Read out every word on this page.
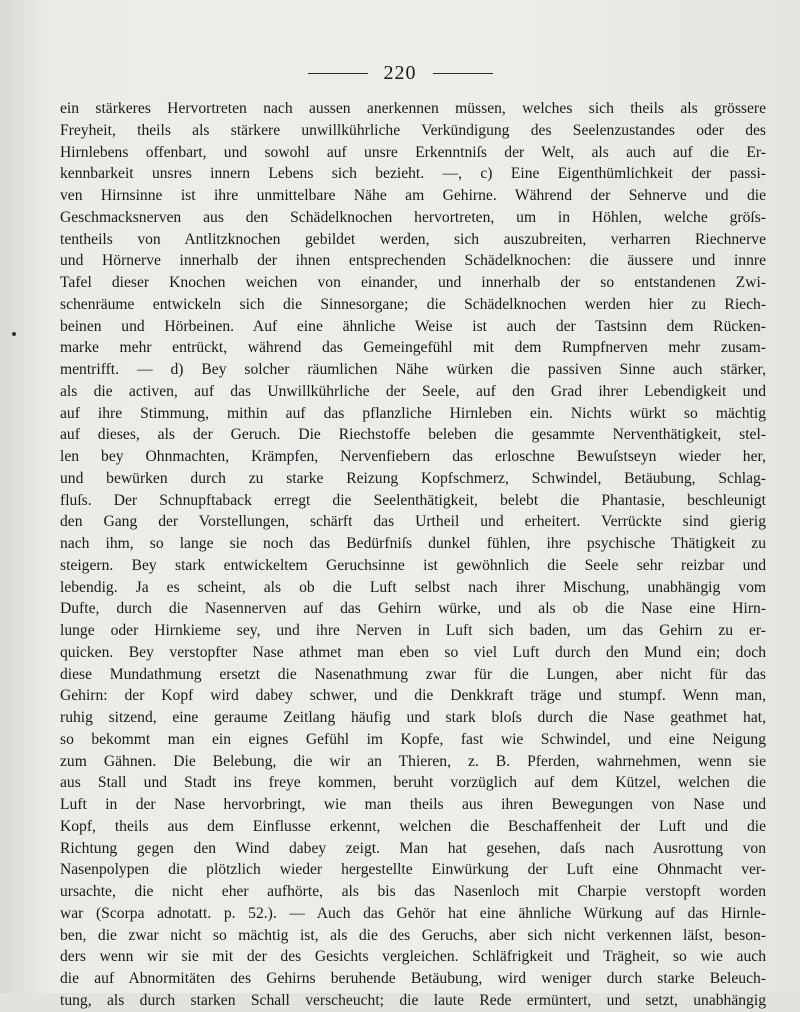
220
ein stärkeres Hervortreten nach aussen anerkennen müssen, welches sich theils als grössere
Freyheit, theils als stärkere unwillkührliche Verkündigung des Seelenzustandes oder des
Hirnlebens offenbart, und sowohl auf unsre Erkenntniſs der Welt, als auch auf die Er-
kennbarkeit unsres innern Lebens sich bezieht. —, c) Eine Eigenthümlichkeit der passi-
ven Hirnsinne ist ihre unmittelbare Nähe am Gehirne. Während der Sehnerve und die
Geschmacksnerven aus den Schädelknochen hervortreten, um in Höhlen, welche gröſs-
tentheils von Antlitzknochen gebildet werden, sich auszubreiten, verharren Riechnerve
und Hörnerve innerhalb der ihnen entsprechenden Schädelknochen: die äussere und innre
Tafel dieser Knochen weichen von einander, und innerhalb der so entstandenen Zwi-
schenräume entwickeln sich die Sinnesorgane; die Schädelknochen werden hier zu Riech-
beinen und Hörbeinen. Auf eine ähnliche Weise ist auch der Tastsinn dem Rücken-
marke mehr entrückt, während das Gemeingefühl mit dem Rumpfnerven mehr zusam-
mentrifft. — d) Bey solcher räumlichen Nähe würken die passiven Sinne auch stärker,
als die activen, auf das Unwillkührliche der Seele, auf den Grad ihrer Lebendigkeit und
auf ihre Stimmung, mithin auf das pflanzliche Hirnleben ein. Nichts würkt so mächtig
auf dieses, als der Geruch. Die Riechstoffe beleben die gesammte Nerventhätigkeit, stel-
len bey Ohnmachten, Krämpfen, Nervenfiebern das erloschne Bewuſstseyn wieder her,
und bewürken durch zu starke Reizung Kopfschmerz, Schwindel, Betäubung, Schlag-
fluſs. Der Schnupftaback erregt die Seelenthätigkeit, belebt die Phantasie, beschleunigt
den Gang der Vorstellungen, schärft das Urtheil und erheitert. Verrückte sind gierig
nach ihm, so lange sie noch das Bedürfniſs dunkel fühlen, ihre psychische Thätigkeit zu
steigern. Bey stark entwickeltem Geruchsinne ist gewöhnlich die Seele sehr reizbar und
lebendig. Ja es scheint, als ob die Luft selbst nach ihrer Mischung, unabhängig vom
Dufte, durch die Nasennerven auf das Gehirn würke, und als ob die Nase eine Hirn-
lunge oder Hirnkieme sey, und ihre Nerven in Luft sich baden, um das Gehirn zu er-
quicken. Bey verstopfter Nase athmet man eben so viel Luft durch den Mund ein; doch
diese Mundathmung ersetzt die Nasenathmung zwar für die Lungen, aber nicht für das
Gehirn: der Kopf wird dabey schwer, und die Denkkraft träge und stumpf. Wenn man,
ruhig sitzend, eine geraume Zeitlang häufig und stark bloſs durch die Nase geathmet hat,
so bekommt man ein eignes Gefühl im Kopfe, fast wie Schwindel, und eine Neigung
zum Gähnen. Die Belebung, die wir an Thieren, z. B. Pferden, wahrnehmen, wenn sie
aus Stall und Stadt ins freye kommen, beruht vorzüglich auf dem Kützel, welchen die
Luft in der Nase hervorbringt, wie man theils aus ihren Bewegungen von Nase und
Kopf, theils aus dem Einflusse erkennt, welchen die Beschaffenheit der Luft und die
Richtung gegen den Wind dabey zeigt. Man hat gesehen, daſs nach Ausrottung von
Nasenpolypen die plötzlich wieder hergestellte Einwürkung der Luft eine Ohnmacht ver-
ursachte, die nicht eher aufhörte, als bis das Nasenloch mit Charpie verstopft worden
war (Scorpa adnotatt. p. 52.). — Auch das Gehör hat eine ähnliche Würkung auf das Hirnle-
ben, die zwar nicht so mächtig ist, als die des Geruchs, aber sich nicht verkennen läſst, beson-
ders wenn wir sie mit der des Gesichts vergleichen. Schläfrigkeit und Trägheit, so wie auch
die auf Abnormitäten des Gehirns beruhende Betäubung, wird weniger durch starke Beleuch-
tung, als durch starken Schall verscheucht; die laute Rede ermüntert, und setzt, unabhängig
